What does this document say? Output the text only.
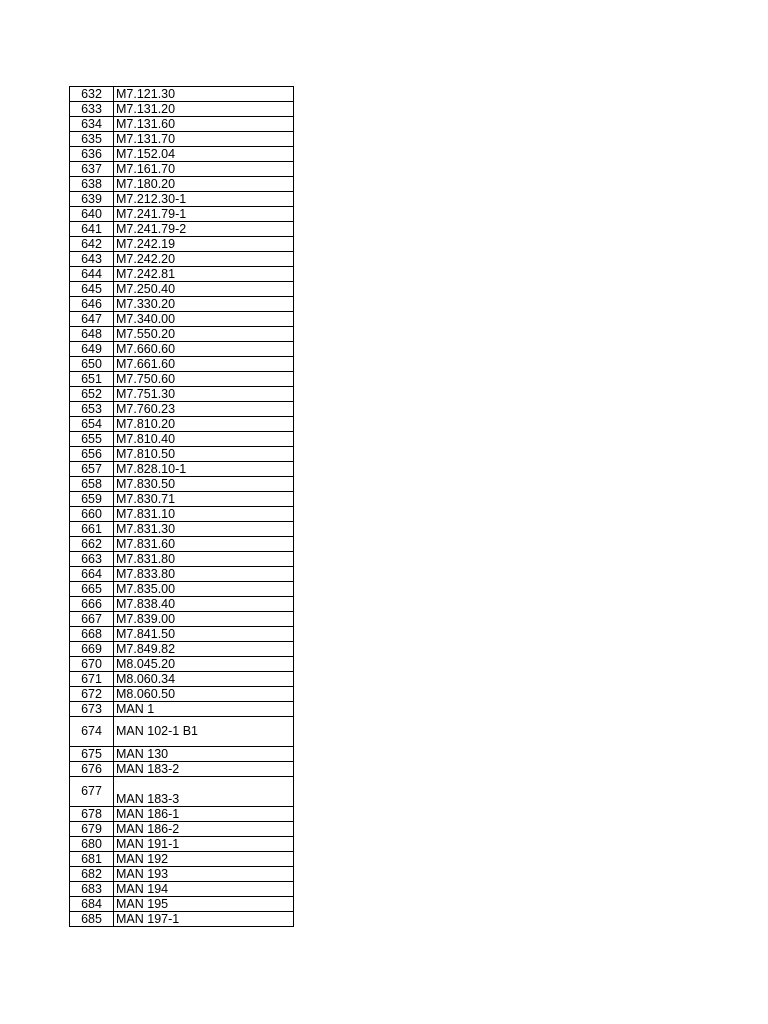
632	M7.121.30
633	M7.131.20
634	M7.131.60
635	M7.131.70
636	M7.152.04
637	M7.161.70
638	M7.180.20
639	M7.212.30-1
640	M7.241.79-1
641	M7.241.79-2
642	M7.242.19
643	M7.242.20
644	M7.242.81
645	M7.250.40
646	M7.330.20
647	M7.340.00
648	M7.550.20
649	M7.660.60
650	M7.661.60
651	M7.750.60
652	M7.751.30
653	M7.760.23
654	M7.810.20
655	M7.810.40
656	M7.810.50
657	M7.828.10-1
658	M7.830.50
659	M7.830.71
660	M7.831.10
661	M7.831.30
662	M7.831.60
663	M7.831.80
664	M7.833.80
665	M7.835.00
666	M7.838.40
667	M7.839.00
668	M7.841.50
669	M7.849.82
670	M8.045.20
671	M8.060.34
672	M8.060.50
673	MAN 1
674	MAN 102-1 B1
675	MAN 130
676	MAN 183-2
677	MAN 183-3
678	MAN 186-1
679	MAN 186-2
680	MAN 191-1
681	MAN 192
682	MAN 193
683	MAN 194
684	MAN 195
685	MAN 197-1
